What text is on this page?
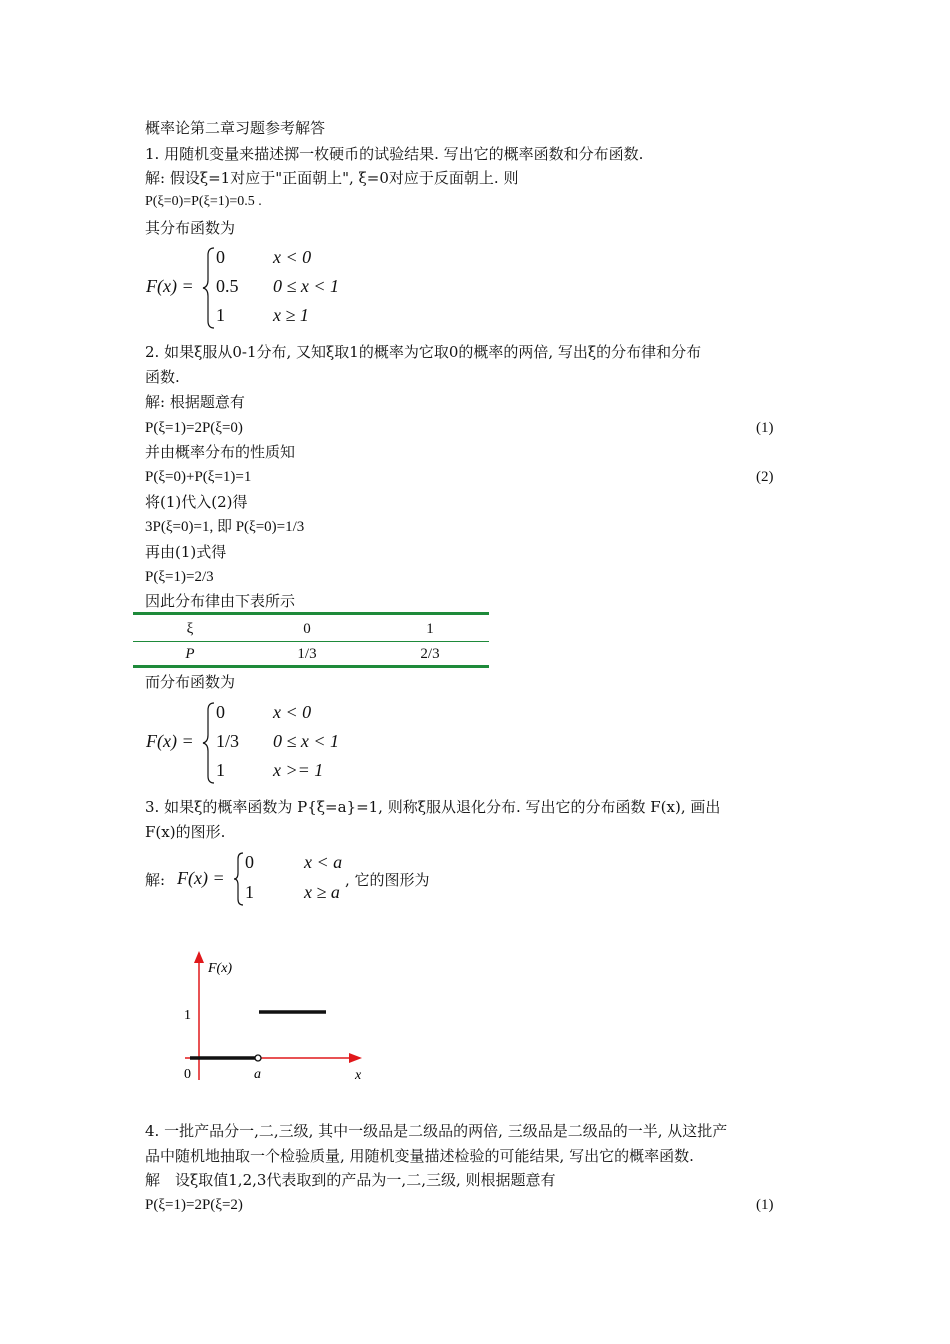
概率论第二章习题参考解答
1. 用随机变量来描述掷一枚硬币的试验结果. 写出它的概率函数和分布函数.
解: 假设ξ=1对应于"正面朝上", ξ=0对应于反面朝上. 则
P(ξ=0)=P(ξ=1)=0.5 .
其分布函数为
F(x) =
0	x < 0
0.5 0 ≤ x < 1
1	x ≥ 1
2. 如果ξ服从0-1分布, 又知ξ取1的概率为它取0的概率的两倍, 写出ξ的分布律和分布
函数.
解: 根据题意有
P(ξ=1)=2P(ξ=0)	(1)
并由概率分布的性质知
P(ξ=0)+P(ξ=1)=1	(2)
将(1)代入(2)得
3P(ξ=0)=1, 即 P(ξ=0)=1/3
再由(1)式得
P(ξ=1)=2/3
因此分布律由下表所示
ξ	0	1
P	1/3	2/3
而分布函数为
F(x) =
0	x < 0
1/3 0 ≤ x < 1
1	x >= 1
3. 如果ξ的概率函数为 P{ξ=a}=1, 则称ξ服从退化分布. 写出它的分布函数 F(x), 画出
F(x)的图形.
解: F(x) =
0	x < a
1	x ≥ a
, 它的图形为
F(x)
1
0	a	x
4. 一批产品分一,二,三级, 其中一级品是二级品的两倍, 三级品是二级品的一半, 从这批产
品中随机地抽取一个检验质量, 用随机变量描述检验的可能结果, 写出它的概率函数.
解　设ξ取值1,2,3代表取到的产品为一,二,三级, 则根据题意有
P(ξ=1)=2P(ξ=2)	(1)
